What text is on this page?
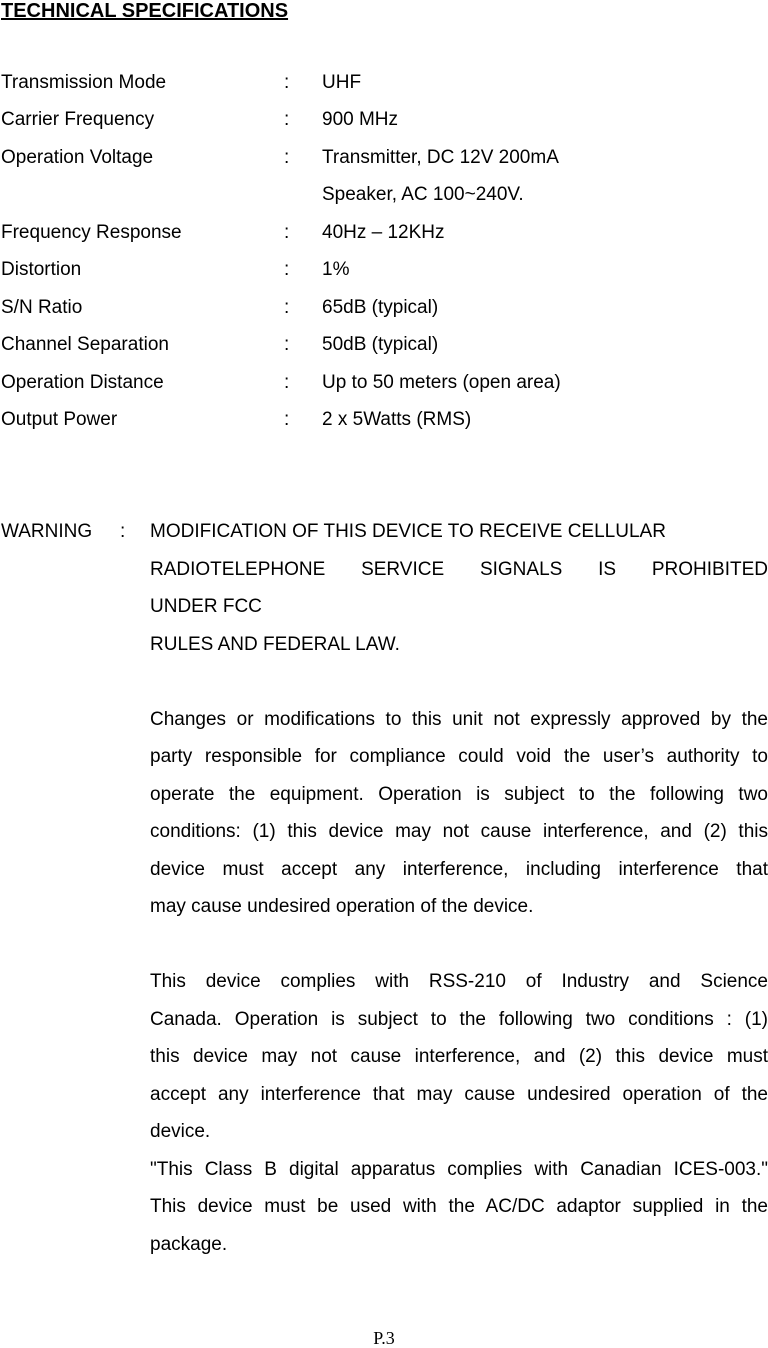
TECHNICAL SPECIFICATIONS
Transmission Mode	: UHF
Carrier Frequency	: 900 MHz
Operation Voltage	: Transmitter, DC 12V 200mA
Speaker, AC 100~240V.
Frequency Response	: 40Hz – 12KHz
Distortion	: 1%
S/N Ratio	: 65dB (typical)
Channel Separation	: 50dB (typical)
Operation Distance	: Up to 50 meters (open area)
Output Power	: 2 x 5Watts (RMS)
WARNING : MODIFICATION OF THIS DEVICE TO RECEIVE CELLULAR
RADIOTELEPHONE SERVICE SIGNALS IS PROHIBITED
UNDER FCC
RULES AND FEDERAL LAW.
Changes or modifications to this unit not expressly approved by the
party responsible for compliance could void the user’s authority to
operate the equipment. Operation is subject to the following two
conditions: (1) this device may not cause interference, and (2) this
device must accept any interference, including interference that
may cause undesired operation of the device.
This device complies with RSS-210 of Industry and Science
Canada. Operation is subject to the following two conditions : (1)
this device may not cause interference, and (2) this device must
accept any interference that may cause undesired operation of the
device.
"This Class B digital apparatus complies with Canadian ICES-003."
This device must be used with the AC/DC adaptor supplied in the
package.
P.3
